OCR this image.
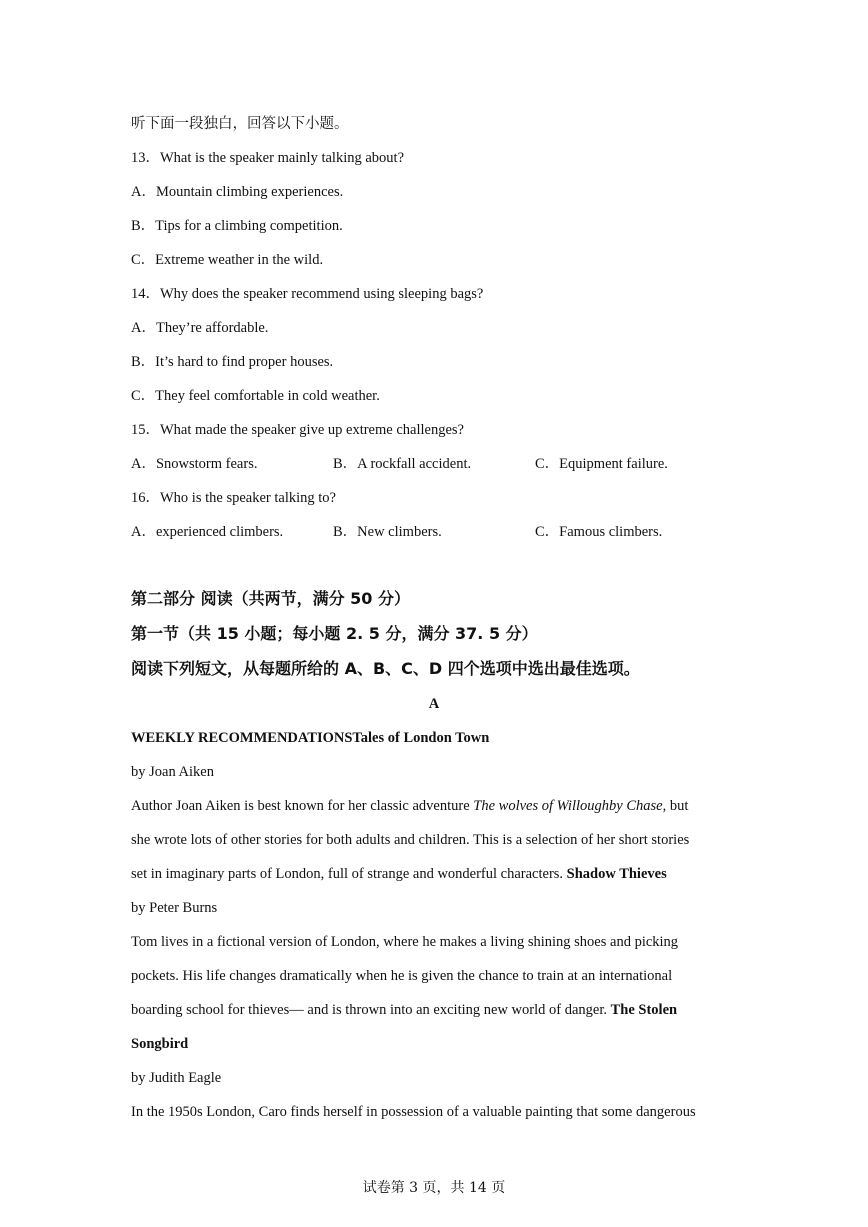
听下面一段独白，回答以下小题。
13．What is the speaker mainly talking about?
A．Mountain climbing experiences.
B．Tips for a climbing competition.
C．Extreme weather in the wild.
14．Why does the speaker recommend using sleeping bags?
A．They’re affordable.
B．It’s hard to find proper houses.
C．They feel comfortable in cold weather.
15．What made the speaker give up extreme challenges?
A．Snowstorm fears.	B．A rockfall accident.	C．Equipment failure.
16．Who is the speaker talking to?
A．experienced climbers.	B．New climbers.	C．Famous climbers.
第二部分 阅读（共两节，满分 50 分）
第一节（共 15 小题；每小题 2. 5 分，满分 37. 5 分）
阅读下列短文，从每题所给的 A、B、C、D 四个选项中选出最佳选项。
A
WEEKLY RECOMMENDATIONSTales of London Town
by Joan Aiken
Author Joan Aiken is best known for her classic adventure The wolves of Willoughby Chase, but
she wrote lots of other stories for both adults and children. This is a selection of her short stories
set in imaginary parts of London, full of strange and wonderful characters. Shadow Thieves
by Peter Burns
Tom lives in a fictional version of London, where he makes a living shining shoes and picking
pockets. His life changes dramatically when he is given the chance to train at an international
boarding school for thieves— and is thrown into an exciting new world of danger. The Stolen
Songbird
by Judith Eagle
In the 1950s London, Caro finds herself in possession of a valuable painting that some dangerous
试卷第 3 页，共 14 页
